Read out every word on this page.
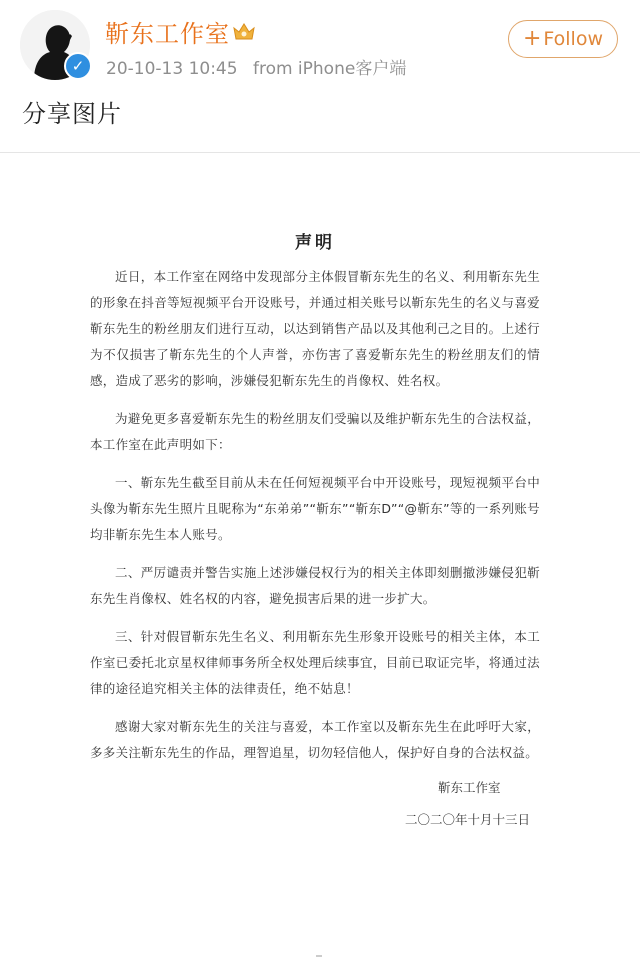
✓
靳东工作室
20-10-13 10:45 from iPhone客户端
+ Follow
分享图片
声明

近日，本工作室在网络中发现部分主体假冒靳东先生的名义、利用靳东先生的形象在抖音等短视频平台开设账号，并通过相关账号以靳东先生的名义与喜爱靳东先生的粉丝朋友们进行互动，以达到销售产品以及其他利己之目的。上述行为不仅损害了靳东先生的个人声誉，亦伤害了喜爱靳东先生的粉丝朋友们的情感，造成了恶劣的影响，涉嫌侵犯靳东先生的肖像权、姓名权。

为避免更多喜爱靳东先生的粉丝朋友们受骗以及维护靳东先生的合法权益，本工作室在此声明如下：

一、靳东先生截至目前从未在任何短视频平台中开设账号，现短视频平台中头像为靳东先生照片且昵称为“东弟弟”“靳东”“靳东D”“@靳东”等的一系列账号均非靳东先生本人账号。

二、严厉谴责并警告实施上述涉嫌侵权行为的相关主体即刻删撤涉嫌侵犯靳东先生肖像权、姓名权的内容，避免损害后果的进一步扩大。

三、针对假冒靳东先生名义、利用靳东先生形象开设账号的相关主体，本工作室已委托北京星权律师事务所全权处理后续事宜，目前已取证完毕，将通过法律的途径追究相关主体的法律责任，绝不姑息！

感谢大家对靳东先生的关注与喜爱，本工作室以及靳东先生在此呼吁大家，多多关注靳东先生的作品，理智追星，切勿轻信他人，保护好自身的合法权益。

靳东工作室
二〇二〇年十月十三日
